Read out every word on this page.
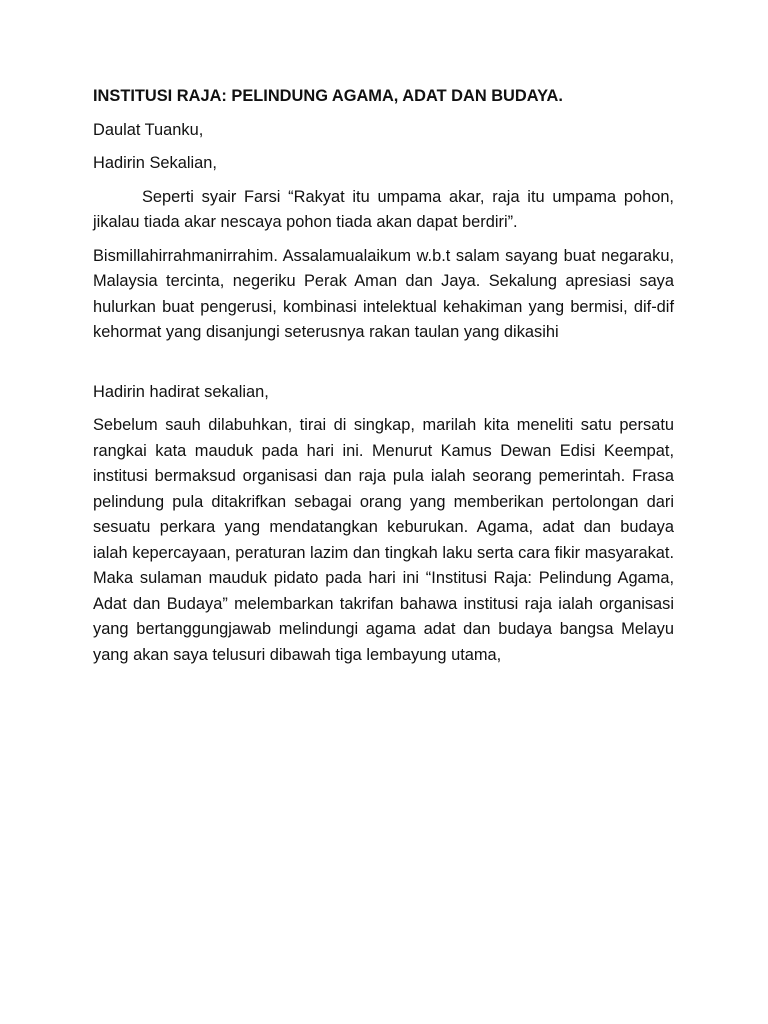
INSTITUSI RAJA: PELINDUNG AGAMA, ADAT DAN BUDAYA.
Daulat Tuanku,
Hadirin Sekalian,
Seperti syair Farsi “Rakyat itu umpama akar, raja itu umpama pohon, jikalau tiada akar nescaya pohon tiada akan dapat berdiri”.
Bismillahirrahmanirrahim. Assalamualaikum w.b.t salam sayang buat negaraku, Malaysia tercinta, negeriku Perak Aman dan Jaya. Sekalung apresiasi saya hulurkan buat pengerusi, kombinasi intelektual kehakiman yang bermisi, dif-dif kehormat yang disanjungi seterusnya rakan taulan yang dikasihi
Hadirin hadirat sekalian,
Sebelum sauh dilabuhkan, tirai di singkap, marilah kita meneliti satu persatu rangkai kata mauduk pada hari ini. Menurut Kamus Dewan Edisi Keempat, institusi bermaksud organisasi dan raja pula ialah seorang pemerintah. Frasa pelindung pula ditakrifkan sebagai orang yang memberikan pertolongan dari sesuatu perkara yang mendatangkan keburukan. Agama, adat dan budaya ialah kepercayaan, peraturan lazim dan tingkah laku serta cara fikir masyarakat. Maka sulaman mauduk pidato pada hari ini “Institusi Raja: Pelindung Agama, Adat dan Budaya” melembarkan takrifan bahawa institusi raja ialah organisasi yang bertanggungjawab melindungi agama adat dan budaya bangsa Melayu yang akan saya telusuri dibawah tiga lembayung utama,
